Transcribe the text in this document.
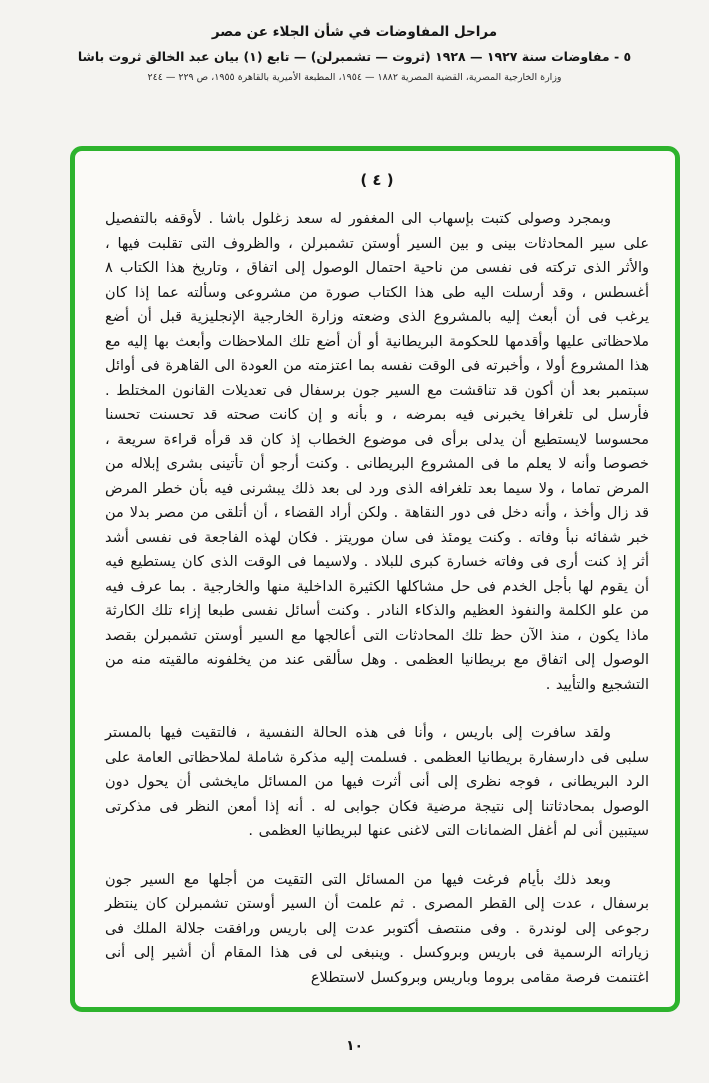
مراحل المفاوضات في شأن الجلاء عن مصر
٥ - مفاوضات سنة ١٩٢٧ — ١٩٢٨ (ثروت — تشمبرلن) — تابع (١) بيان عبد الخالق ثروت باشا
وزارة الخارجية المصرية، القضية المصرية ١٨٨٢ — ١٩٥٤، المطبعة الأميرية بالقاهرة ١٩٥٥، ص ٢٢٩ — ٢٤٤
( ٤ )

وبمجرد وصولى كتبت بإسهاب الى المغفور له سعد زغلول باشا . لأوقفه بالتفصيل على سير المحادثات بينى و بين السير أوستن تشمبرلن ، والظروف التى تقلبت فيها ، والأثر الذى تركته فى نفسى من ناحية احتمال الوصول إلى اتفاق ، وتاريخ هذا الكتاب ٨ أغسطس ، وقد أرسلت اليه طى هذا الكتاب صورة من مشروعى وسألته عما إذا كان يرغب فى أن أبعث إليه بالمشروع الذى وضعته وزارة الخارجية الإنجليزية قبل أن أضع ملاحظاتى عليها وأقدمها للحكومة البريطانية أو أن أضع تلك الملاحظات وأبعث بها إليه مع هذا المشروع أولا ، وأخبرته فى الوقت نفسه بما اعتزمته من العودة الى القاهرة فى أوائل سبتمبر بعد أن أكون قد تناقشت مع السير جون برسفال فى تعديلات القانون المختلط . فأرسل لى تلغرافا يخبرنى فيه بمرضه ، و بأنه و إن كانت صحته قد تحسنت تحسنا محسوسا لايستطيع أن يدلى برأى فى موضوع الخطاب إذ كان قد قرأه قراءة سريعة ، خصوصا وأنه لا يعلم ما فى المشروع البريطانى . وكنت أرجو أن تأتينى بشرى إبلاله من المرض تماما ، ولا سيما بعد تلغرافه الذى ورد لى بعد ذلك يبشرنى فيه بأن خطر المرض قد زال وأخذ ، وأنه دخل فى دور النقاهة . ولكن أراد القضاء ، أن أتلقى من مصر بدلا من خبر شفائه نبأ وفاته . وكنت يومئذ فى سان موريتز . فكان لهذه الفاجعة فى نفسى أشد أثر إذ كنت أرى فى وفاته خسارة كبرى للبلاد . ولاسيما فى الوقت الذى كان يستطيع فيه أن يقوم لها بأجل الخدم فى حل مشاكلها الكثيرة الداخلية منها والخارجية . بما عرف فيه من علو الكلمة والنفوذ العظيم والذكاء النادر . وكنت أسائل نفسى طبعا إزاء تلك الكارثة ماذا يكون ، منذ الآن حظ تلك المحادثات التى أعالجها مع السير أوستن تشمبرلن بقصد الوصول إلى اتفاق مع بريطانيا العظمى . وهل سألقى عند من يخلفونه مالقيته منه من التشجيع والتأييد .

ولقد سافرت إلى باريس ، وأنا فى هذه الحالة النفسية ، فالتقيت فيها بالمستر سلبى فى دارسفارة بريطانيا العظمى . فسلمت إليه مذكرة شاملة لملاحظاتى العامة على الرد البريطانى ، فوجه نظرى إلى أنى أثرت فيها من المسائل مايخشى أن يحول دون الوصول بمحادثاتنا إلى نتيجة مرضية فكان جوابى له . أنه إذا أمعن النظر فى مذكرتى سيتبين أنى لم أغفل الضمانات التى لاغنى عنها لبريطانيا العظمى .

وبعد ذلك بأيام فرغت فيها من المسائل التى التقيت من أجلها مع السير جون برسفال ، عدت إلى القطر المصرى . ثم علمت أن السير أوستن تشمبرلن كان ينتظر رجوعى إلى لوندرة . وفى منتصف أكتوبر عدت إلى باريس ورافقت جلالة الملك فى زياراته الرسمية فى باريس وبروكسل . وينبغى لى فى هذا المقام أن أشير إلى أنى اغتنمت فرصة مقامى بروما وباريس وبروكسل لاستطلاع

١٠
